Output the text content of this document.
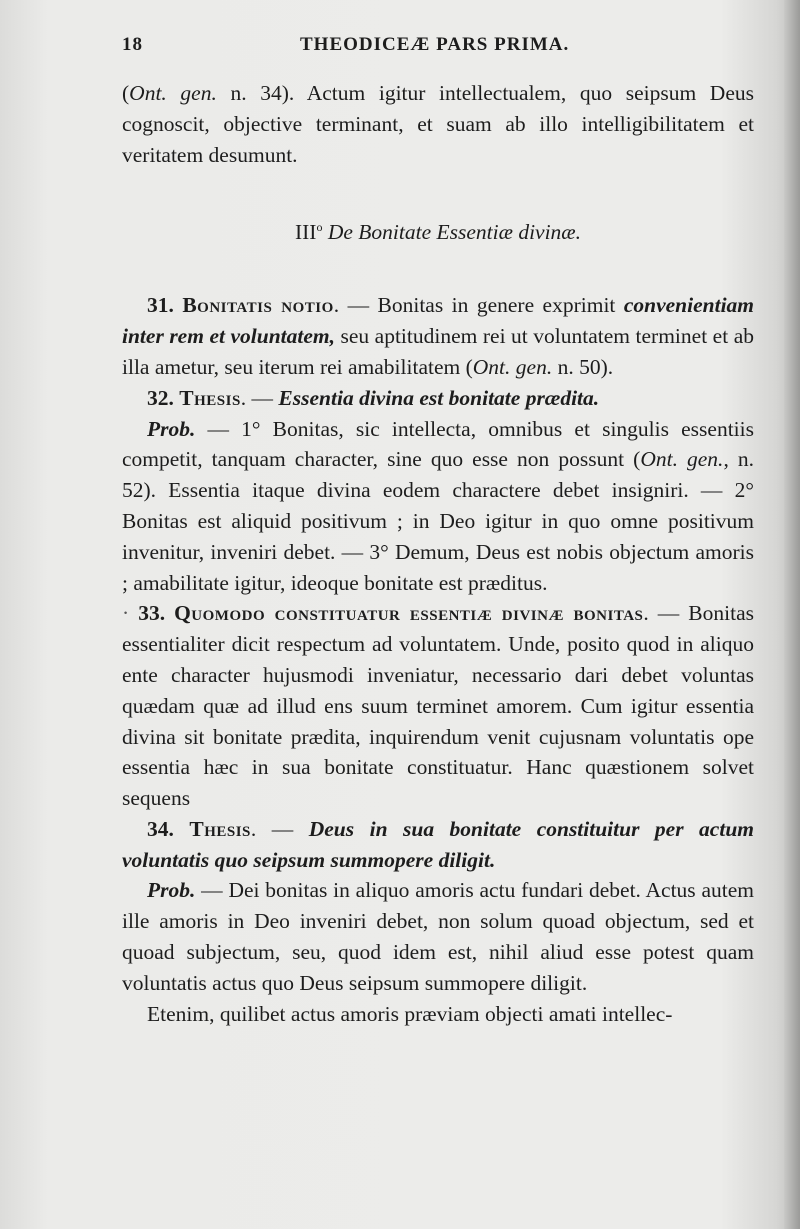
18	THEODICEÆ PARS PRIMA.

(Ont. gen. n. 34). Actum igitur intellectualem, quo seipsum Deus cognoscit, objective terminant, et suam ab illo intelligibilitatem et veritatem desumunt.

III$^o$ De Bonitate Essentiæ divinæ.

31. Bonitatis notio. — Bonitas in genere exprimit convenientiam inter rem et voluntatem, seu aptitudinem rei ut voluntatem terminet et ab illa ametur, seu iterum rei amabilitatem (Ont. gen. n. 50).

32. Thesis. — Essentia divina est bonitate prædita.

Prob. — 1° Bonitas, sic intellecta, omnibus et singulis essentiis competit, tanquam character, sine quo esse non possunt (Ont. gen., n. 52). Essentia itaque divina eodem charactere debet insigniri. — 2° Bonitas est aliquid positivum ; in Deo igitur in quo omne positivum invenitur, inveniri debet. — 3° Demum, Deus est nobis objectum amoris ; amabilitate igitur, ideoque bonitate est præditus.

· 33. Quomodo constituatur essentiæ divinæ bonitas. — Bonitas essentialiter dicit respectum ad voluntatem. Unde, posito quod in aliquo ente character hujusmodi inveniatur, necessario dari debet voluntas quædam quæ ad illud ens suum terminet amorem. Cum igitur essentia divina sit bonitate prædita, inquirendum venit cujusnam voluntatis ope essentia hæc in sua bonitate constituatur. Hanc quæstionem solvet sequens

34. Thesis. — Deus in sua bonitate constituitur per actum voluntatis quo seipsum summopere diligit.

Prob. — Dei bonitas in aliquo amoris actu fundari debet. Actus autem ille amoris in Deo inveniri debet, non solum quoad objectum, sed et quoad subjectum, seu, quod idem est, nihil aliud esse potest quam voluntatis actus quo Deus seipsum summopere diligit.

Etenim, quilibet actus amoris præviam objecti amati intellec-
